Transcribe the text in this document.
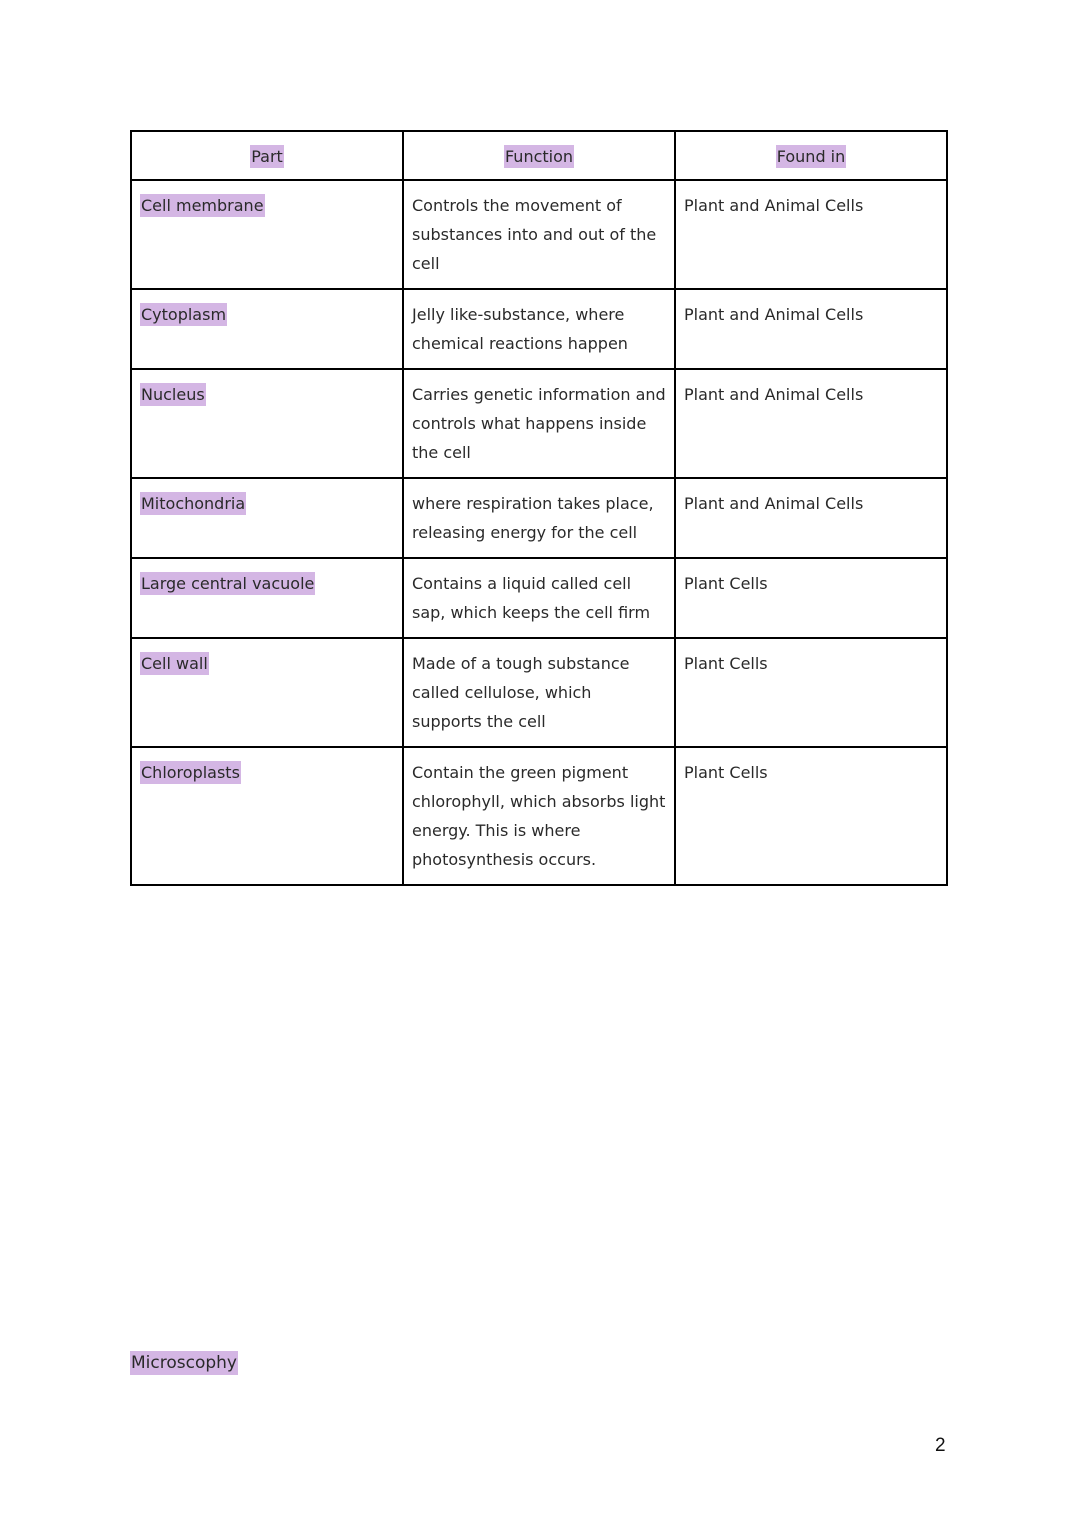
Part	Function	Found in
Cell membrane	Controls the movement of substances into and out of the cell	Plant and Animal Cells
Cytoplasm	Jelly like-substance, where chemical reactions happen	Plant and Animal Cells
Nucleus	Carries genetic information and controls what happens inside the cell	Plant and Animal Cells
Mitochondria	where respiration takes place, releasing energy for the cell	Plant and Animal Cells
Large central vacuole	Contains a liquid called cell sap, which keeps the cell firm	Plant Cells
Cell wall	Made of a tough substance called cellulose, which supports the cell	Plant Cells
Chloroplasts	Contain the green pigment chlorophyll, which absorbs light energy. This is where photosynthesis occurs.	Plant Cells
Microscophy
2
